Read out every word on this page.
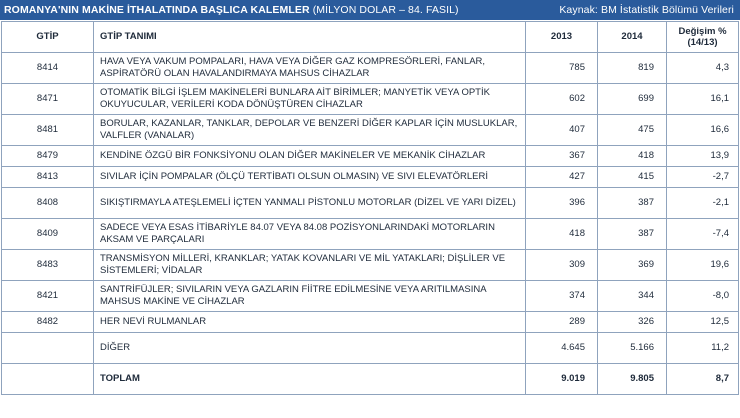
ROMANYA'NIN MAKİNE İTHALATINDA BAŞLICA KALEMLER (MİLYON DOLAR – 84. FASIL)	Kaynak: BM İstatistik Bölümü Verileri
GTİP	GTİP TANIMI	2013	2014	Değişim %
(14/13)

8414	HAVA VEYA VAKUM POMPALARI, HAVA VEYA DİĞER GAZ KOMPRESÖRLERİ, FANLAR, ASPİRATÖRÜ OLAN HAVALANDIRMAYA MAHSUS CİHAZLAR	785	819	4,3
8471	OTOMATİK BİLGİ İŞLEM MAKİNELERİ BUNLARA AİT BİRİMLER; MANYETİK VEYA OPTİK OKUYUCULAR, VERİLERİ KODA DÖNÜŞTÜREN CİHAZLAR	602	699	16,1
8481	BORULAR, KAZANLAR, TANKLAR, DEPOLAR VE BENZERİ DİĞER KAPLAR İÇİN MUSLUKLAR, VALFLER (VANALAR)	407	475	16,6
8479	KENDİNE ÖZGÜ BİR FONKSİYONU OLAN DİĞER MAKİNELER VE MEKANİK CİHAZLAR	367	418	13,9
8413	SIVILAR İÇİN POMPALAR (ÖLÇÜ TERTİBATI OLSUN OLMASIN) VE SIVI ELEVATÖRLERİ	427	415	-2,7
8408	SIKIŞTIRMAYLA ATEŞLEMELİ İÇTEN YANMALI PİSTONLU MOTORLAR (DİZEL VE YARI DİZEL)	396	387	-2,1
8409	SADECE VEYA ESAS İTİBARİYLE 84.07 VEYA 84.08 POZİSYONLARINDAKİ MOTORLARIN AKSAM VE PARÇALARI	418	387	-7,4
8483	TRANSMİSYON MİLLERİ, KRANKLAR; YATAK KOVANLARI VE MİL YATAKLARI; DİŞLİLER VE SİSTEMLERİ; VİDALAR	309	369	19,6
8421	SANTRİFÜJLER; SIVILARIN VEYA GAZLARIN FİİTRE EDİLMESİNE VEYA ARITILMASINA MAHSUS MAKİNE VE CİHAZLAR	374	344	-8,0
8482	HER NEVİ RULMANLAR	289	326	12,5
	DİĞER	4.645	5.166	11,2
	TOPLAM	9.019	9.805	8,7
